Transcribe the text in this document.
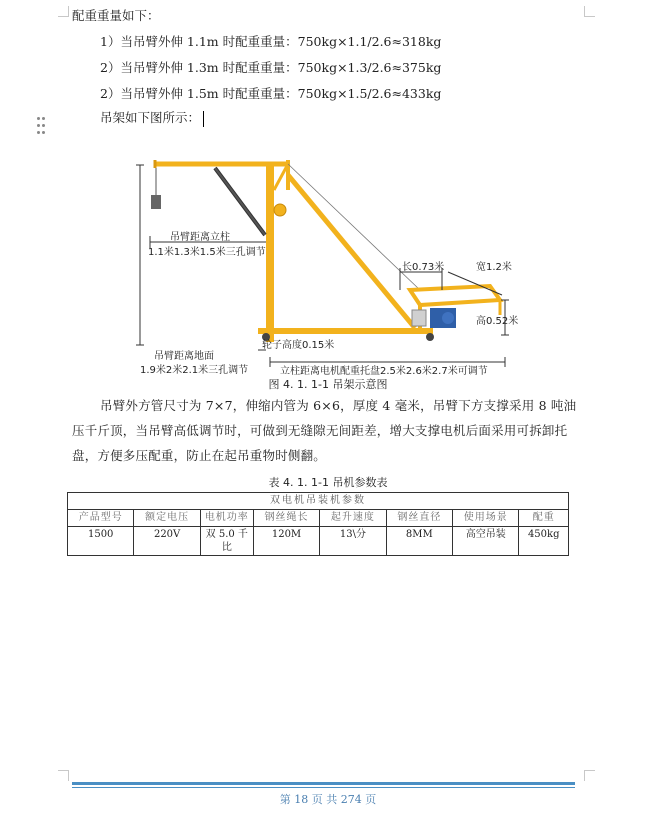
配重重量如下：
1）当吊臂外伸 1.1m 时配重重量：750kg×1.1/2.6≈318kg
2）当吊臂外伸 1.3m 时配重重量：750kg×1.3/2.6≈375kg
2）当吊臂外伸 1.5m 时配重重量：750kg×1.5/2.6≈433kg

吊架如下图所示：
吊臂距离立柱
1.1米1.3米1.5米三孔调节
长0.73米	宽1.2米
高0.52米
轮子高度0.15米
吊臂距离地面
1.9米2米2.1米三孔调节	立柱距离电机配重托盘2.5米2.6米2.7米可调节
图 4. 1. 1-1 吊架示意图
吊臂外方管尺寸为 7×7，伸缩内管为 6×6，厚度 4 毫米，吊臂下方支撑采用 8 吨油压千斤顶，当吊臂高低调节时，可做到无缝隙无间距差，增大支撑电机后面采用可拆卸托盘，方便多压配重，防止在起吊重物时侧翻。
表 4. 1. 1-1 吊机参数表
双电机吊装机参数							
产品型号	额定电压	电机功率	钢丝绳长	起升速度	钢丝直径	使用场景	配重
1500	220V	双 5.0 千比	120M	13\分	8MM	高空吊装	450kg
第 18 页 共 274 页
